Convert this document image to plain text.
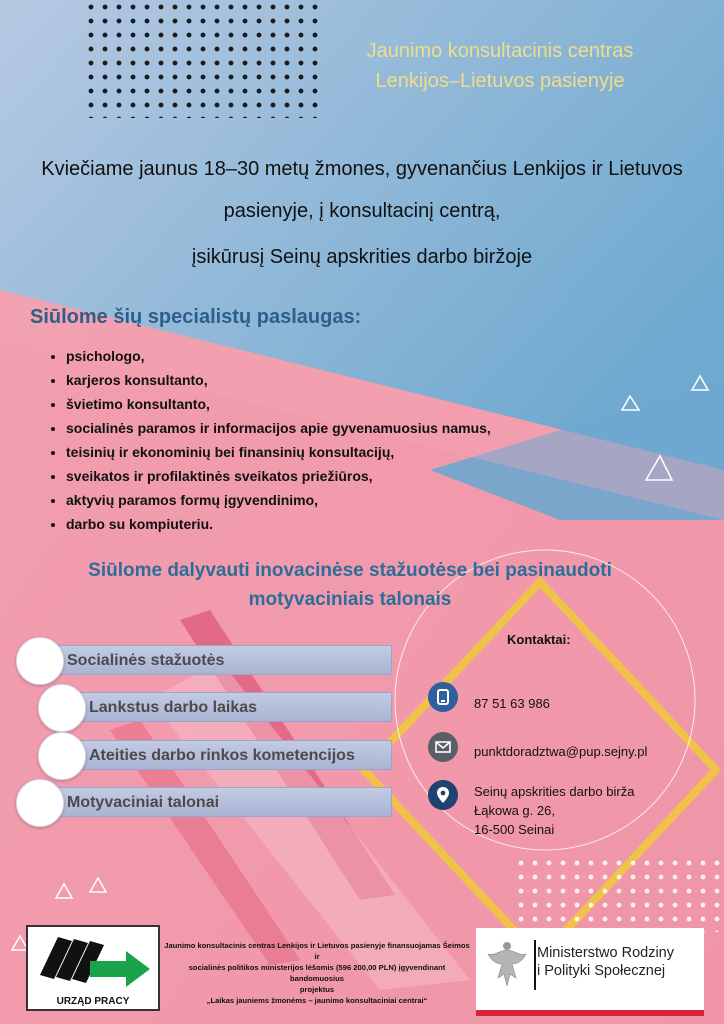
Jaunimo konsultacinis centras
Lenkijos–Lietuvos pasienyje
Kviečiame jaunus 18–30 metų žmones, gyvenančius Lenkijos ir Lietuvos
pasienyje, į konsultacinį centrą,
įsikūrusį Seinų apskrities darbo biržoje
Siūlome šių specialistų paslaugas:
• psichologo,
• karjeros konsultanto,
• švietimo konsultanto,
• socialinės paramos ir informacijos apie gyvenamuosius namus,
• teisinių ir ekonominių bei finansinių konsultacijų,
• sveikatos ir profilaktinės sveikatos priežiūros,
• aktyvių paramos formų įgyvendinimo,
• darbo su kompiuteriu.
Siūlome dalyvauti inovacinėse stažuotėse bei pasinaudoti
motyvaciniais talonais
Socialinės stažuotės
Lankstus darbo laikas
Ateities darbo rinkos kometencijos
Motyvaciniai talonai
Kontaktai:
87 51 63 986
punktdoradztwa@pup.sejny.pl
Seinų apskrities darbo birža
Łąkowa g. 26,
16-500 Seinai
URZĄD PRACY
Jaunimo konsultacinis centras Lenkijos ir Lietuvos pasienyje finansuojamas Šeimos ir
socialinės politikos ministerijos lėšomis (596 200,00 PLN) įgyvendinant bandomuosius
projektus
„Laikas jauniems žmonėms – jaunimo konsultaciniai centrai“
Ministerstwo Rodziny
i Polityki Społecznej
